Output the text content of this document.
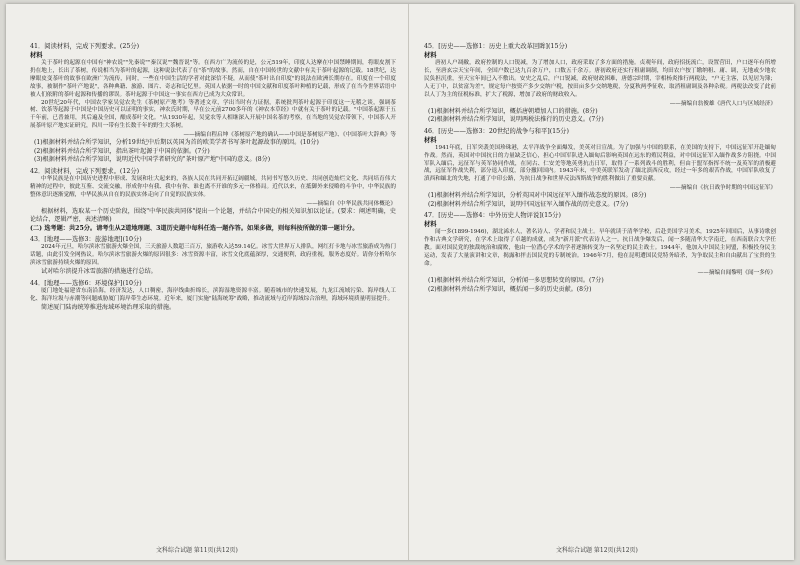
41．阅读材料，完成下列要求。(25分)

材料

关于茶叶的起源在中国有"神农说""先秦说""秦汉说""魏晋说"等。在西方广为流传的是，公元519年，印度人达摩在中国禁睡期间，将眼皮割下扔在地上，长出了茶树，传说相当为茶叶的起源，这种说法代表了在"茶"的故事。然而，自在中国传世的文献中有关于茶叶起源的记载。18世纪，达摩眼皮变茶叶的故事在欧洲广为流传，同时，一些在中国生活的学者对此深信不疑，从而使"茶叶出自印度"的说法在欧洲长期存在。印度在一个印度故事，被制作"茶叶产地说"，各种典籍、旅游、图片、奇志和记忆里。英国人依据一时的中国文献和印度茶叶种植的记载，形成了在当今世界话语中被人们依附的茶叶起源和传播的谬误。茶叶起源于中国这一事实在西方已成为大众常识。

20世纪20年代，中国农学家吴觉农先生《茶树原产地考》等著述文章，学出当时有力证据，系统批判茶叶起源于印度这一无稽之谈，强调茶树、饮茶等起源于中国是中国历史可以证明的事实，神农氏时期，早在公元前2700多年的《神农本草经》中就有关于茶叶的记载。"中国茶起源于五千年前，已普兼用，其后遍及全国，酿成茶叶文化。"从1930年起，吴觉农等人相继深入开展中国名茶的考察，在当地的吴觉农带领下，中国茶人开展茶叶原产地实证研究，四川一带有生长数千年的野生大茶树。

——摘编自程启坤《茶树原产地的确认——中国是茶树原产地》、《中国茶叶大辞典》等

(1)根据材料并结合所学知识，分析19世纪中后期以英国为首的欧美学者书写茶叶起源故事的原因。(10分)

(2)根据材料并结合所学知识，指出茶叶起源于中国的依据。(7分)

(3)根据材料并结合所学知识，说明近代中国学者研究的"茶叶原产地"中国的意义。(8分)

42．阅读材料，完成下列要求。(12分)

中华民族是在中国历史进程中形成、发展和壮大起来的，各族人民在共同开拓辽阔疆域，共同书写悠久历史、共同创造灿烂文化、共同培育伟大精神的过程中，彼此互鉴、交流交融，形成你中有我、我中有你、谁也离不开谁的多元一体格局。近代以来，在抵御外来侵略的斗争中，中华民族的整体意识逐渐觉醒，中华民族从自在的民族实体走向了自觉的民族实体。

——摘编自《中华民族共同体概论》

根据材料，选取某一个历史阶段，围绕"中华民族共同体"提出一个论题，并结合中国史的相关知识加以论证。(要求：阐述明确，史论结合，逻辑严密，表述清晰)

(二) 选考题：共25分。请考生从2道地理题、3道历史题中每科任选一题作答。如果多做，则每科按所做的第一题计分。

43．[地理——选修3：旅游地理](10分)

2024年元旦，哈尔滨冰雪旅游火爆全国，三天旅游人数超三百万，旅游收入达59.14亿。冰雪大世界万人排队，网红打卡地与冰雪旅游成为热门话题，由此引发全网热议。哈尔滨冰雪旅游火爆的原因很多：冰雪资源丰富，冰雪文化底蕴深厚，交通便利，政府重视，服务态度好。请你分析哈尔滨冰雪旅游持续火爆的原因。

试对哈尔滨提升冰雪旅游的措施进行总结。

44．[地理——选修6：环境保护](10分)

厦门地处福建省东南沿海，经济发达，人口稠密，海岸线曲折绵长，滨海湿地资源丰富。随着城市的快速发展，九龙江流域污染、海岸线人工化、海洋垃圾与赤潮等问题威胁厦门海岸带生态环境。近年来，厦门实施"陆海统筹"战略，推动流域与近岸海域综合治理，海域环境质量明显提升。

简述厦门陆海统筹推进海域环境治理采取的措施。

文科综合试题 第11页(共12页)

45．[历史——选修1：历史上重大改革回眸](15分)

材料

唐初人户凋敝，政府控制的人口锐减，为了增加人口，政府采取了多方面的措施。贞观年间，政府招抚流亡，设置营田，户口逐年有所增长，至唐玄宗天宝年间，全国户数已达九百余万户，口数五千余万。唐初政府还实行租庸调制，均田农户按丁缴纳租、庸、调，无地或少地农民负担沉重，至天宝年间已入不敷出。安史之乱后，户口锐减，政府财政困难，唐德宗时期，宰相杨炎推行两税法，"户无主客，以见居为簿；人无丁中，以贫富为差"，规定每户按资产多少交纳户税，按田亩多少交纳地税，分夏秋两季征收，取消租庸调及各种杂税。两税法改变了此前以人丁为主的征税标准，扩大了税源，增加了政府的财政收入。

——摘编自翁俊雄《唐代人口与区域经济》

(1)根据材料并结合所学知识，概括唐朝增加人口的措施。(8分)

(2)根据材料并结合所学知识，说明两税法推行的历史意义。(7分)

46．[历史——选修3：20世纪的战争与和平](15分)

材料

1941年底，日军突袭美国珍珠港，太平洋战争全面爆发，美英对日宣战。为了加强与中国的联系，在美国的支持下，中国远征军开赴缅甸作战。然而，英国对中国抗日的力量缺乏信心，担心中国军队进入缅甸后影响英国在远东的殖民利益，对中国远征军入缅作战多方阻挠。中国军队入缅后，远征军与英军协同作战，在同古、仁安羌等地英勇抗击日军，取得了一系列战斗的胜利，但由于盟军指挥不统一及英军的消极避战，远征军作战失利，部分退入印度，部分撤回国内。1943年末，中美英联军发动了缅北滇西反攻，经过一年多的艰苦作战，中国军队收复了滇西和缅北的失地，打通了中印公路，为抗日战争和世界反法西斯战争的胜利做出了重要贡献。

——摘编自《抗日战争时期的中国远征军》

(1)根据材料并结合所学知识，分析英国对中国远征军入缅作战态度的原因。(8分)

(2)根据材料并结合所学知识，说明中国远征军入缅作战的历史意义。(7分)

47．[历史——选修4：中外历史人物评说](15分)

材料

闻一多(1899-1946)，湖北浠水人，著名诗人、学者和民主战士。早年就读于清华学校，后赴美国学习美术，1925年回国后，从事诗歌创作和古典文学研究，在学术上取得了卓越的成就，成为"新月派"代表诗人之一。抗日战争爆发后，闻一多随清华大学南迁，在西南联合大学任教。面对国民党的独裁统治和腐败，他由一位潜心学术的学者逐渐转变为一名坚定的民主战士。1944年，他加入中国民主同盟，积极投身民主运动，发表了大量演讲和文章，揭露和抨击国民党的专制统治。1946年7月，他在昆明遭国民党特务暗杀，为争取民主和自由献出了宝贵的生命。

——摘编自闻黎明《闻一多传》

(1)根据材料并结合所学知识，分析闻一多思想转变的原因。(7分)

(2)根据材料并结合所学知识，概括闻一多的历史贡献。(8分)

文科综合试题 第12页(共12页)
